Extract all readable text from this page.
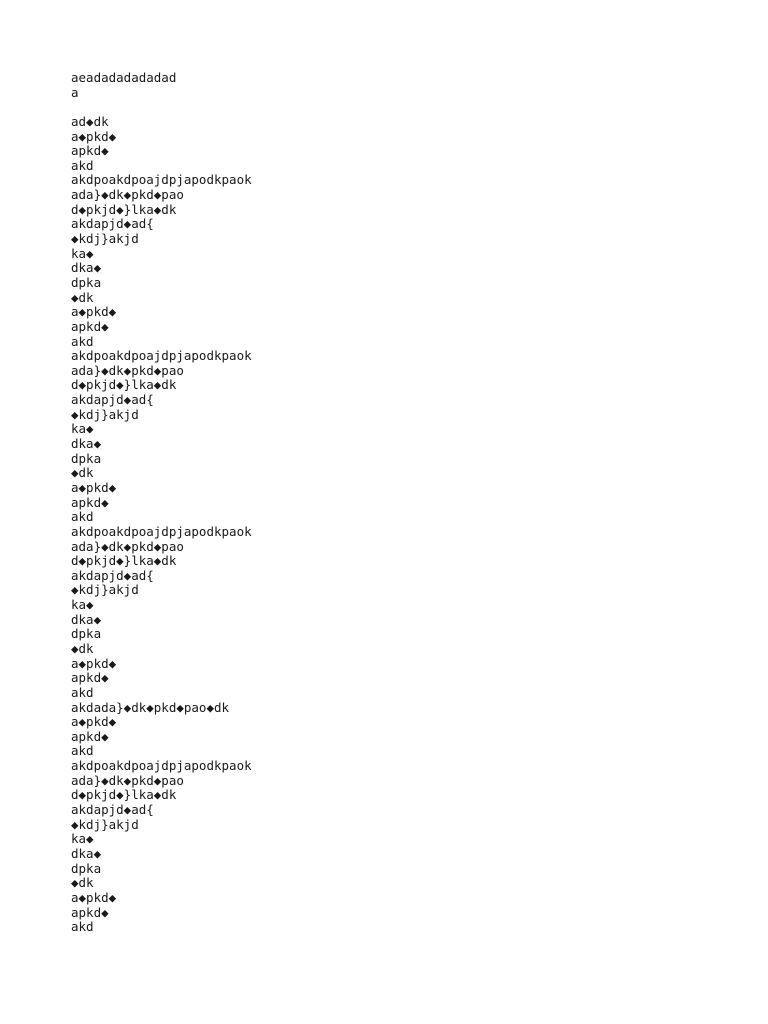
aeadadadadadad
a
ad◆dk
a◆pkd◆
apkd◆
akd
akdpoakdpoajdpjapodkpaok
ada}◆dk◆pkd◆pao
d◆pkjd◆}lka◆dk
akdapjd◆ad{
◆kdj}akjd
ka◆
dka◆
dpka
◆dk
a◆pkd◆
apkd◆
akd
akdpoakdpoajdpjapodkpaok
ada}◆dk◆pkd◆pao
d◆pkjd◆}lka◆dk
akdapjd◆ad{
◆kdj}akjd
ka◆
dka◆
dpka
◆dk
a◆pkd◆
apkd◆
akd
akdpoakdpoajdpjapodkpaok
ada}◆dk◆pkd◆pao
d◆pkjd◆}lka◆dk
akdapjd◆ad{
◆kdj}akjd
ka◆
dka◆
dpka
◆dk
a◆pkd◆
apkd◆
akd
akdada}◆dk◆pkd◆pao◆dk
a◆pkd◆
apkd◆
akd
akdpoakdpoajdpjapodkpaok
ada}◆dk◆pkd◆pao
d◆pkjd◆}lka◆dk
akdapjd◆ad{
◆kdj}akjd
ka◆
dka◆
dpka
◆dk
a◆pkd◆
apkd◆
akd
